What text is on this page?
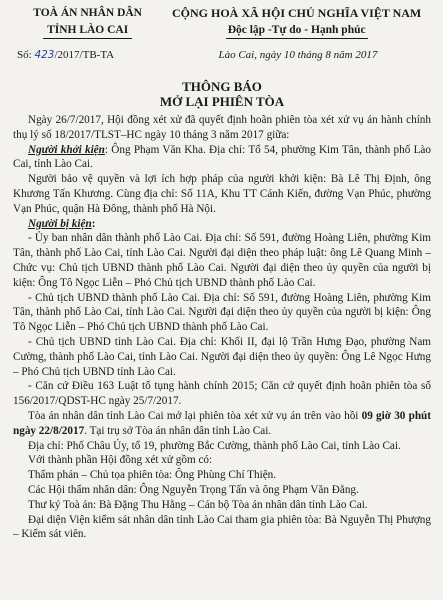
TOÀ ÁN NHÂN DÂN
TỈNH LÀO CAI
CỘNG HOÀ XÃ HỘI CHỦ NGHĨA VIỆT NAM
Độc lập -Tự do - Hạnh phúc
Số: 423/2017/TB-TA	Lào Cai, ngày 10 tháng 8 năm 2017
THÔNG BÁO
MỞ LẠI PHIÊN TÒA

Ngày 26/7/2017, Hội đồng xét xử đã quyết định hoãn phiên tòa xét xử vụ án hành chính thụ lý số 18/2017/TLST–HC ngày 10 tháng 3 năm 2017 giữa:

Người khởi kiện: Ông Phạm Văn Kha. Địa chỉ: Tổ 54, phường Kim Tân, thành phố Lào Cai, tỉnh Lào Cai.

Người bảo vệ quyền và lợi ích hợp pháp của người khởi kiện: Bà Lê Thị Định, ông Khương Tấn Khương. Cùng địa chỉ: Số 11A, Khu TT Cánh Kiến, đường Vạn Phúc, phường Vạn Phúc, quận Hà Đông, thành phố Hà Nội.

Người bị kiện:

- Ủy ban nhân dân thành phố Lào Cai. Địa chỉ: Số 591, đường Hoàng Liên, phường Kim Tân, thành phố Lào Cai, tỉnh Lào Cai. Người đại diện theo pháp luật: ông Lê Quang Minh – Chức vụ: Chủ tịch UBND thành phố Lào Cai. Người đại diện theo ủy quyền của người bị kiện: Ông Tô Ngọc Liễn – Phó Chủ tịch UBND thành phố Lào Cai.

- Chủ tịch UBND thành phố Lào Cai. Địa chỉ: Số 591, đường Hoàng Liên, phường Kim Tân, thành phố Lào Cai, tỉnh Lào Cai. Người đại diện theo ủy quyền của người bị kiện: Ông Tô Ngọc Liễn – Phó Chủ tịch UBND thành phố Lào Cai.

- Chủ tịch UBND tỉnh Lào Cai. Địa chỉ: Khối II, đại lộ Trần Hưng Đạo, phường Nam Cường, thành phố Lào Cai, tỉnh Lào Cai. Người đại diện theo ủy quyền: Ông Lê Ngọc Hưng – Phó Chủ tịch UBND tỉnh Lào Cai.

- Căn cứ Điều 163 Luật tố tụng hành chính 2015; Căn cứ quyết định hoãn phiên tòa số 156/2017/QDST-HC ngày 25/7/2017.

Tòa án nhân dân tỉnh Lào Cai mở lại phiên tòa xét xử vụ án trên vào hồi 09 giờ 30 phút ngày 22/8/2017. Tại trụ sở Tòa án nhân dân tỉnh Lào Cai.

Địa chỉ: Phố Châu Úy, tổ 19, phường Bắc Cường, thành phố Lào Cai, tỉnh Lào Cai.

Với thành phần Hội đồng xét xử gồm có:

Thẩm phán – Chủ tọa phiên tòa: Ông Phùng Chí Thiện.

Các Hội thẩm nhân dân: Ông Nguyễn Trọng Tấn và ông Phạm Văn Đằng.

Thư ký Toà án: Bà Đặng Thu Hằng – Cán bộ Tòa án nhân dân tỉnh Lào Cai.

Đại diện Viện kiểm sát nhân dân tỉnh Lào Cai tham gia phiên tòa: Bà Nguyễn Thị Phượng – Kiểm sát viên.
